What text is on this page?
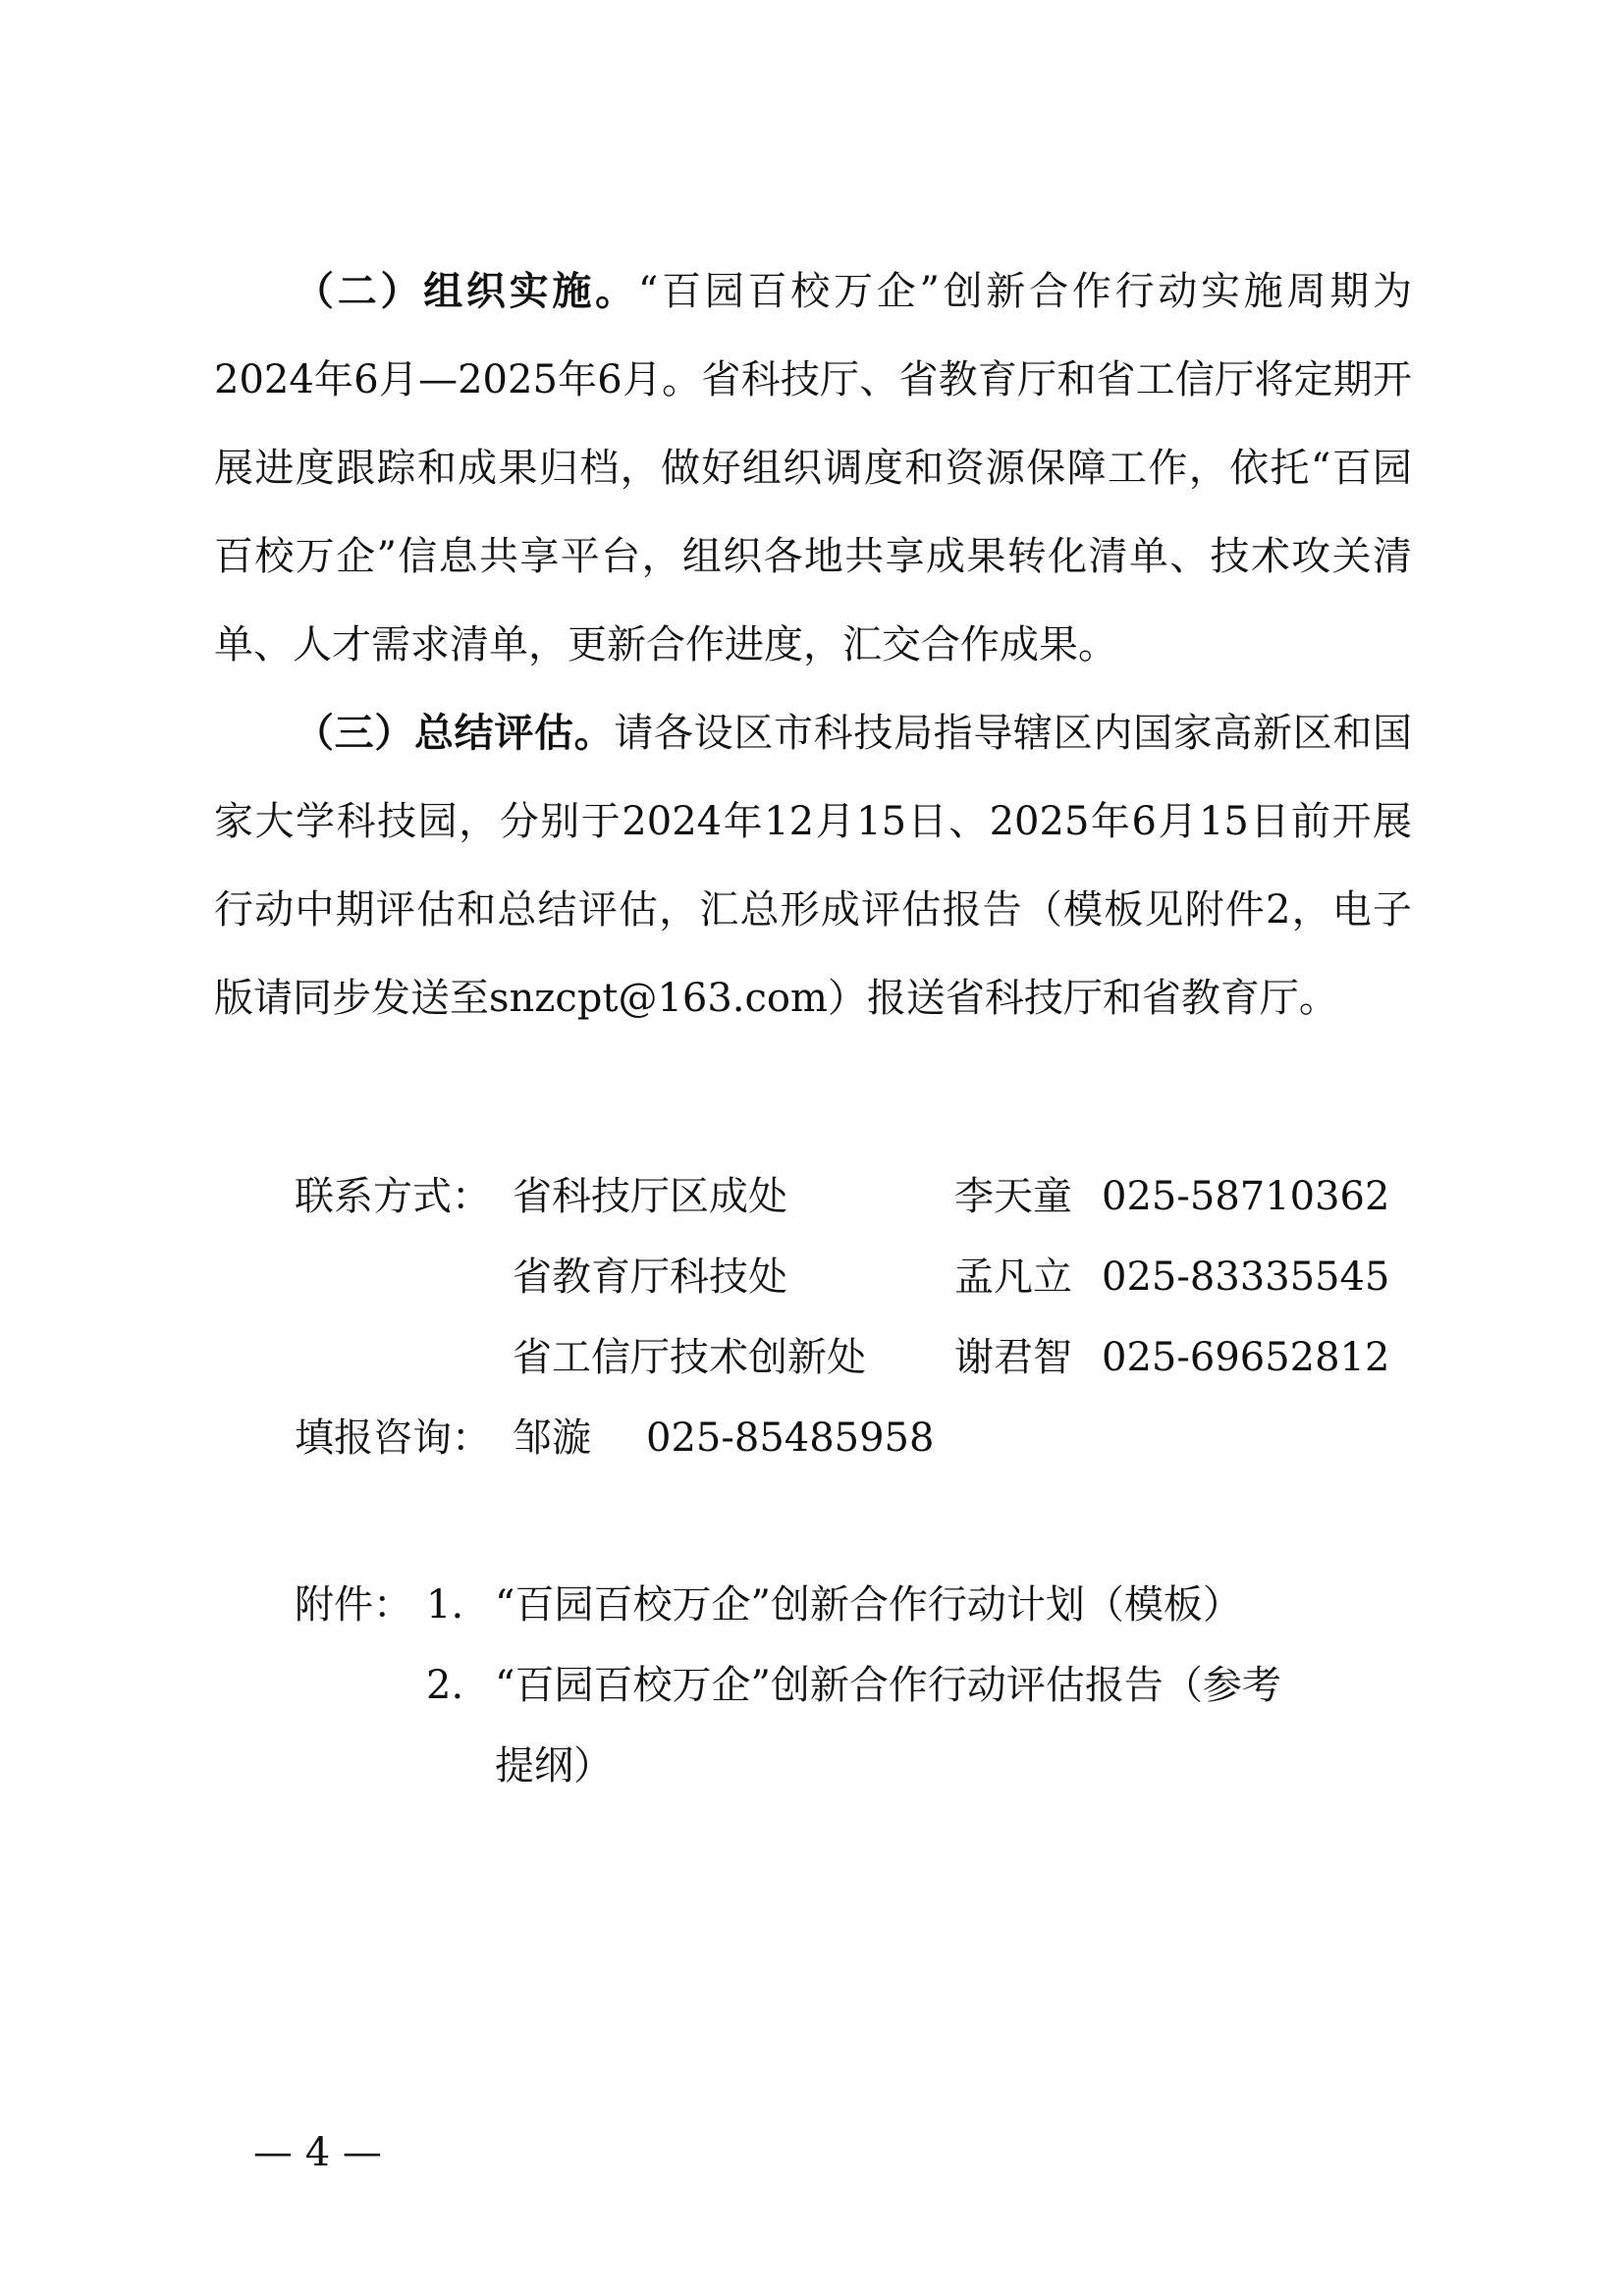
（二）组织实施。“百园百校万企”创新合作行动实施周期为2024年6月—2025年6月。省科技厅、省教育厅和省工信厅将定期开展进度跟踪和成果归档，做好组织调度和资源保障工作，依托“百园百校万企”信息共享平台，组织各地共享成果转化清单、技术攻关清单、人才需求清单，更新合作进度，汇交合作成果。

（三）总结评估。请各设区市科技局指导辖区内国家高新区和国家大学科技园，分别于2024年12月15日、2025年6月15日前开展行动中期评估和总结评估，汇总形成评估报告（模板见附件2，电子版请同步发送至snzcpt@163.com）报送省科技厅和省教育厅。

联系方式： 省科技厅区成处	李天童 025-58710362
省教育厅科技处	孟凡立 025-83335545
省工信厅技术创新处 谢君智 025-69652812
填报咨询： 邹漩 025-85485958
附件： 1. “百园百校万企”创新合作行动计划（模板）
2. “百园百校万企”创新合作行动评估报告（参考
提纲）
— 4 —
